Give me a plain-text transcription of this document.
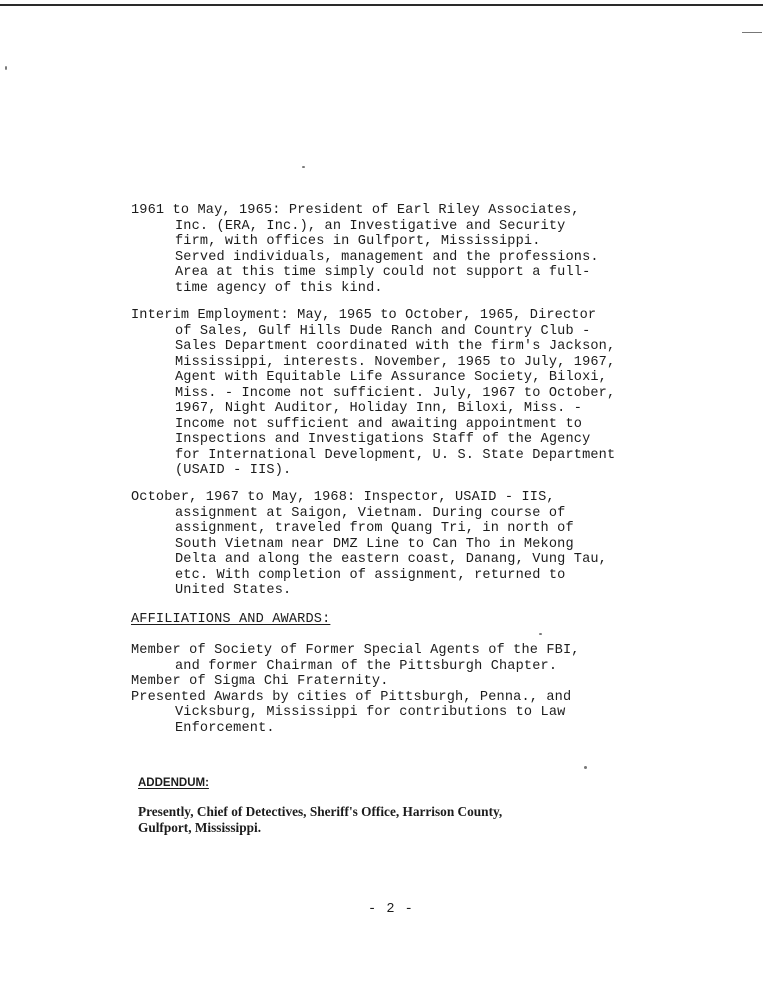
1961 to May, 1965: President of Earl Riley Associates,
Inc. (ERA, Inc.), an Investigative and Security
firm, with offices in Gulfport, Mississippi.
Served individuals, management and the professions.
Area at this time simply could not support a full-
time agency of this kind.
Interim Employment: May, 1965 to October, 1965, Director
of Sales, Gulf Hills Dude Ranch and Country Club -
Sales Department coordinated with the firm's Jackson,
Mississippi, interests. November, 1965 to July, 1967,
Agent with Equitable Life Assurance Society, Biloxi,
Miss. - Income not sufficient. July, 1967 to October,
1967, Night Auditor, Holiday Inn, Biloxi, Miss. -
Income not sufficient and awaiting appointment to
Inspections and Investigations Staff of the Agency
for International Development, U. S. State Department
(USAID - IIS).
October, 1967 to May, 1968: Inspector, USAID - IIS,
assignment at Saigon, Vietnam. During course of
assignment, traveled from Quang Tri, in north of
South Vietnam near DMZ Line to Can Tho in Mekong
Delta and along the eastern coast, Danang, Vung Tau,
etc. With completion of assignment, returned to
United States.
AFFILIATIONS AND AWARDS:
Member of Society of Former Special Agents of the FBI,
and former Chairman of the Pittsburgh Chapter.
Member of Sigma Chi Fraternity.
Presented Awards by cities of Pittsburgh, Penna., and
Vicksburg, Mississippi for contributions to Law
Enforcement.
ADDENDUM:
Presently, Chief of Detectives, Sheriff's Office, Harrison County,
Gulfport, Mississippi.
- 2 -
